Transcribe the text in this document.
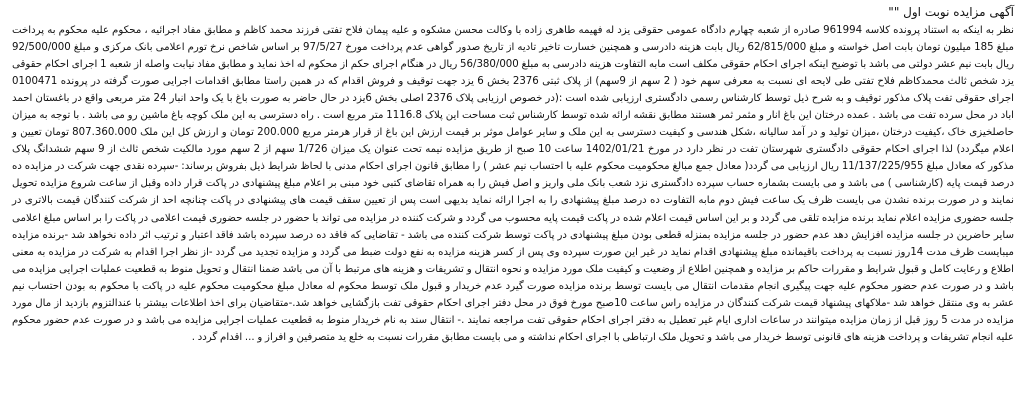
آگهی مزایده نوبت اول ""

نظر به اینکه به استناد پرونده کلاسه 961994 صادره از شعبه چهارم دادگاه عمومی حقوقی یزد له فهیمه طاهری زاده با وکالت محسن مشکوه و علیه پیمان فلاح تفتی فرزند محمد کاظم و مطابق مفاد اجرائیه ، محکوم علیه محکوم به پرداخت مبلغ 185 میلیون تومان بابت اصل خواسته و مبلغ 62/815/000 ریال بابت هزینه دادرسی و همچنین خسارت تاخیر تادیه از تاریخ صدور گواهی عدم پرداخت مورخ 97/5/27 بر اساس شاخص نرخ تورم اعلامی بانک مرکزی و مبلغ 92/500/000 ریال بابت نیم عشر دولتی می باشد با توضیح اینکه اجرای احکام حقوقی مکلف است مابه التفاوت هزینه دادرسی به مبلغ 56/380/000 ریال در هنگام اجرای حکم از محکوم له اخذ نماید و مطابق مفاد نیابت واصله از شعبه 1 اجرای احکام حقوقی یزد شخص ثالث محمدکاظم فلاح تفتی طی لایحه ای نسبت به معرفی سهم خود ( 2 سهم از 9سهم) از پلاک ثبتی 2376 بخش 6 یزد جهت توقیف و فروش اقدام که در همین راستا مطابق اقدامات اجرایی صورت گرفته در پرونده 0100471 اجرای حقوقی تفت پلاک مذکور توقیف و به شرح ذیل توسط کارشناس رسمی دادگستری ارزیابی شده است :(در خصوص ارزیابی پلاک 2376 اصلی بخش 6یزد در حال حاضر به صورت باغ با یک واحد انبار 24 متر مربعی واقع در باغستان احمد اباد در محل سرده تفت می باشد . عمده درختان این باغ انار و مثمر ثمر هستند مطابق نقشه ارائه شده توسط کارشناس ثبت مساحت این پلاک 1116.8 متر مربع است . راه دسترسی به این ملک کوچه باغ ماشین رو می باشد . با توجه به میزان حاصلخیزی خاک ،کیفیت درختان ،میزان تولید و در آمد سالیانه ،شکل هندسی و کیفیت دسترسی به این ملک و سایر عوامل موثر بر قیمت ارزش این باغ از قرار هرمتر مربع 200.000 تومان و ارزش کل این ملک 807.360.000 تومان تعیین و اعلام میگردد) لذا اجرای احکام حقوقی دادگستری شهرستان تفت در نظر دارد در مورخ 1402/01/21 ساعت 10 صبح از طریق مزایده نیمه تحت عنوان یک میزان 1/726 سهم از 2 سهم مورد مالکیت شخص ثالث از 9 سهم ششدانگ پلاک مذکور که معادل مبلغ 11/137/225/955 ریال ارزیابی می گردد( معادل جمع مبالغ محکومیت محکوم علیه با احتساب نیم عشر ) را مطابق قانون اجرای احکام مدنی با لحاظ شرایط ذیل بفروش برساند: -سپرده نقدی جهت شرکت در مزایده ده درصد قیمت پایه (کارشناسی ) می باشد و می بایست بشماره حساب سپرده دادگستری نزد شعب بانک ملی واریز و اصل فیش را به همراه تقاضای کتبی خود مبنی بر اعلام مبلغ پیشنهادی در پاکت قرار داده وقبل از ساعت شروع مزایده تحویل نمایند و در صورت برنده نشدن می بایست ظرف یک ساعت فیش دوم مابه التفاوت ده درصد مبلغ پیشنهادی را به اجرا ارائه نماید بدیهی است پس از تعیین سقف قیمت های پیشنهادی در پاکت چنانچه احد از شرکت کنندگان قیمت بالاتری در جلسه حضوری مزایده اعلام نماید برنده مزایده تلقی می گردد و بر این اساس قیمت اعلام شده در پاکت قیمت پایه محسوب می گردد و شرکت کننده در مزایده می تواند با حضور در جلسه حضوری قیمت اعلامی در پاکت را بر اساس مبلغ اعلامی سایر حاضرین در جلسه مزایده افزایش دهد عدم حضور در جلسه مزایده بمنزله قطعی بودن مبلغ پیشنهادی در پاکت توسط شرکت کننده می باشد - تقاضایی که فاقد ده درصد سپرده باشد فاقد اعتبار و ترتیب اثر داده نخواهد شد -برنده مزایده میبایست ظرف مدت 14روز نسبت به پرداخت باقیمانده مبلغ پیشنهادی اقدام نماید در غیر این صورت سپرده وی پس از کسر هزینه مزایده به نفع دولت ضبط می گردد و مزایده تجدید می گردد -از نظر اجرا اقدام به شرکت در مزایده به معنی اطلاع و رعایت کامل و قبول شرایط و مقررات حاکم بر مزایده و همچنین اطلاع از وضعیت و کیفیت ملک مورد مزایده و نحوه انتقال و تشریفات و هزینه های مرتبط با آن می باشد ضمنا انتقال و تحویل منوط به قطعیت عملیات اجرایی مزایده می باشد و در صورت عدم حضور محکوم علیه جهت پیگیری انجام مقدمات انتقال می بایست توسط برنده مزایده صورت گیرد عدم خریدار و قبول ملک توسط محکوم له معادل مبلغ محکومیت محکوم علیه در پاکت با محکوم به بودن احتساب نیم عشر به وی منتقل خواهد شد -ملاکهای پیشنهاد قیمت شرکت کنندگان در مزایده راس ساعت 10صبح مورخ فوق در محل دفتر اجرای احکام حقوقی تفت بازگشایی خواهد شد.-متقاضیان برای اخذ اطلاعات بیشتر با عندالتزوم بازدید از مال مورد مزایده در مدت 5 روز قبل از زمان مزایده میتوانند در ساعات اداری ایام غیر تعطیل به دفتر اجرای احکام حقوقی تفت مراجعه نمایند .- انتقال سند به نام خریدار منوط به قطعیت عملیات اجرایی مزایده می باشد و در صورت عدم حضور محکوم علیه انجام تشریفات و پرداخت هزینه های قانونی توسط خریدار می باشد و تحویل ملک ارتباطی با اجرای احکام نداشته و می بایست مطابق مقررات نسبت به خلع ید متصرفین و افراز و ... اقدام گردد .
